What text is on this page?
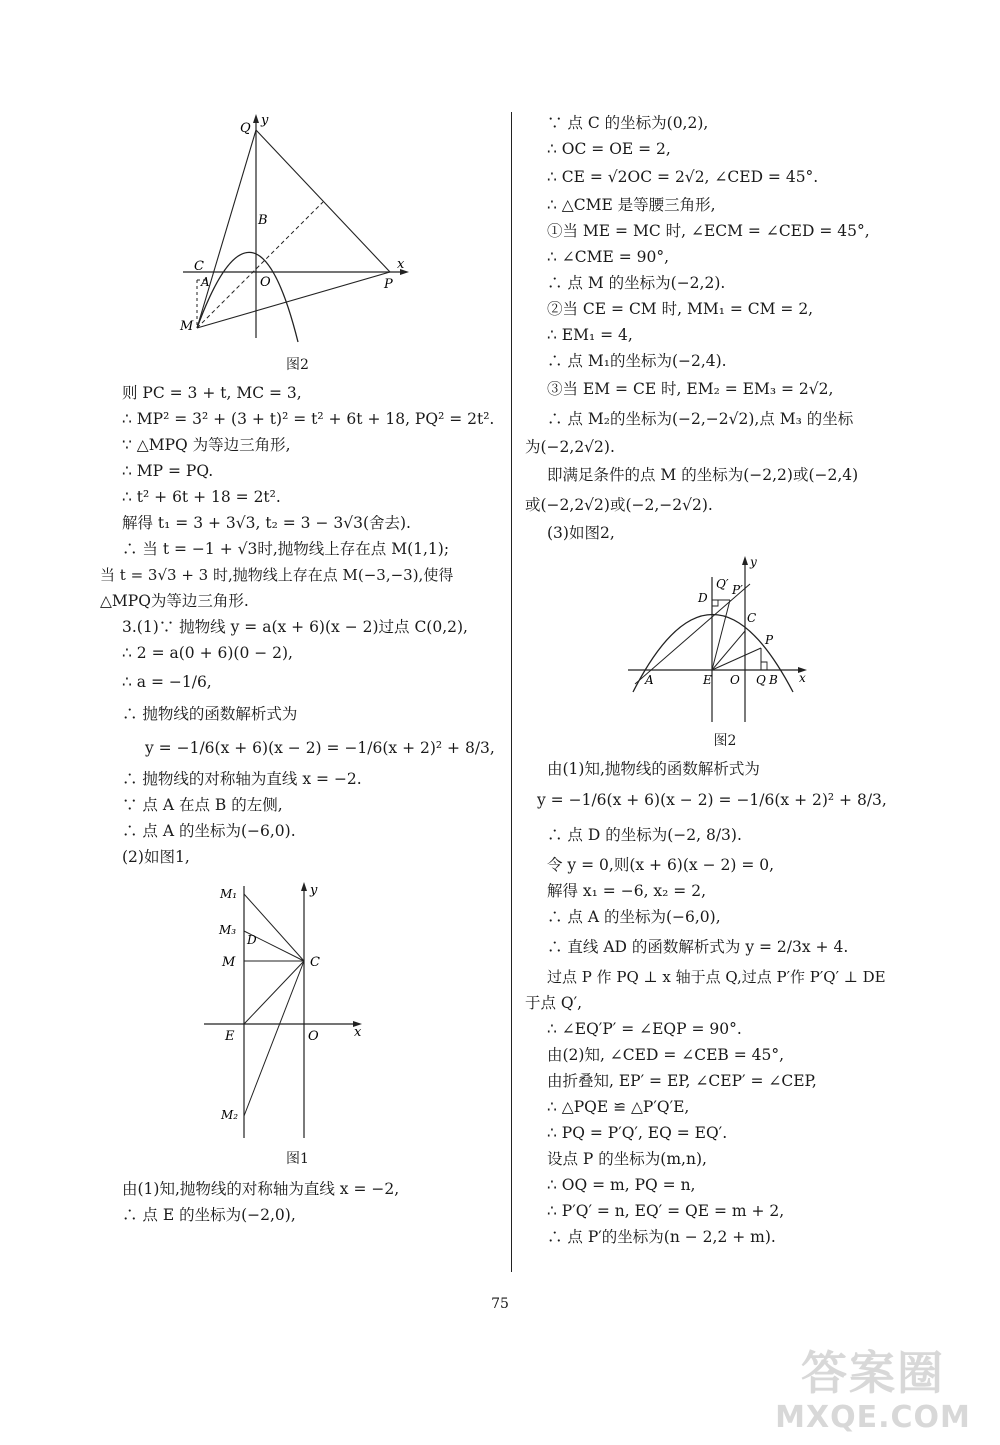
Q
y
B
C
A	O
x
P
M
图2
则 PC = 3 + t, MC = 3,
∴ MP² = 3² + (3 + t)² = t² + 6t + 18, PQ² = 2t².
∵ △MPQ 为等边三角形,
∴ MP = PQ.
∴ t² + 6t + 18 = 2t².
解得 t₁ = 3 + 3√3, t₂ = 3 − 3√3(舍去).
∴ 当 t = −1 + √3时,抛物线上存在点 M(1,1);
当 t = 3√3 + 3 时,抛物线上存在点 M(−3,−3),使得
△MPQ为等边三角形.
3.(1)∵ 抛物线 y = a(x + 6)(x − 2)过点 C(0,2),
∴ 2 = a(0 + 6)(0 − 2),
∴ a = −1/6,
∴ 抛物线的函数解析式为
y = −1/6(x + 6)(x − 2) = −1/6(x + 2)² + 8/3,
∴ 抛物线的对称轴为直线 x = −2.
∵ 点 A 在点 B 的左侧,
∴ 点 A 的坐标为(−6,0).
(2)如图1,
M₁
M₃
D
M	C
E	O	x
y
M₂
图1
由(1)知,抛物线的对称轴为直线 x = −2,
∴ 点 E 的坐标为(−2,0),
∵ 点 C 的坐标为(0,2),
∴ OC = OE = 2,
∴ CE = √2OC = 2√2, ∠CED = 45°.
∴ △CME 是等腰三角形,
①当 ME = MC 时, ∠ECM = ∠CED = 45°,
∴ ∠CME = 90°,
∴ 点 M 的坐标为(−2,2).
②当 CE = CM 时, MM₁ = CM = 2,
∴ EM₁ = 4,
∴ 点 M₁的坐标为(−2,4).
③当 EM = CE 时, EM₂ = EM₃ = 2√2,
∴ 点 M₂的坐标为(−2,−2√2),点 M₃ 的坐标
为(−2,2√2).
即满足条件的点 M 的坐标为(−2,2)或(−2,4)
或(−2,2√2)或(−2,−2√2).
(3)如图2,
y
Q′ P′
D
C
P
A	E O Q B x
图2
由(1)知,抛物线的函数解析式为
y = −1/6(x + 6)(x − 2) = −1/6(x + 2)² + 8/3,
∴ 点 D 的坐标为(−2, 8/3).
令 y = 0,则(x + 6)(x − 2) = 0,
解得 x₁ = −6, x₂ = 2,
∴ 点 A 的坐标为(−6,0),
∴ 直线 AD 的函数解析式为 y = 2/3x + 4.
过点 P 作 PQ ⊥ x 轴于点 Q,过点 P′作 P′Q′ ⊥ DE
于点 Q′,
∴ ∠EQ′P′ = ∠EQP = 90°.
由(2)知, ∠CED = ∠CEB = 45°,
由折叠知, EP′ = EP, ∠CEP′ = ∠CEP,
∴ △PQE ≌ △P′Q′E,
∴ PQ = P′Q′, EQ = EQ′.
设点 P 的坐标为(m,n),
∴ OQ = m, PQ = n,
∴ P′Q′ = n, EQ′ = QE = m + 2,
∴ 点 P′的坐标为(n − 2,2 + m).
75
答案圈
MXQE.COM
